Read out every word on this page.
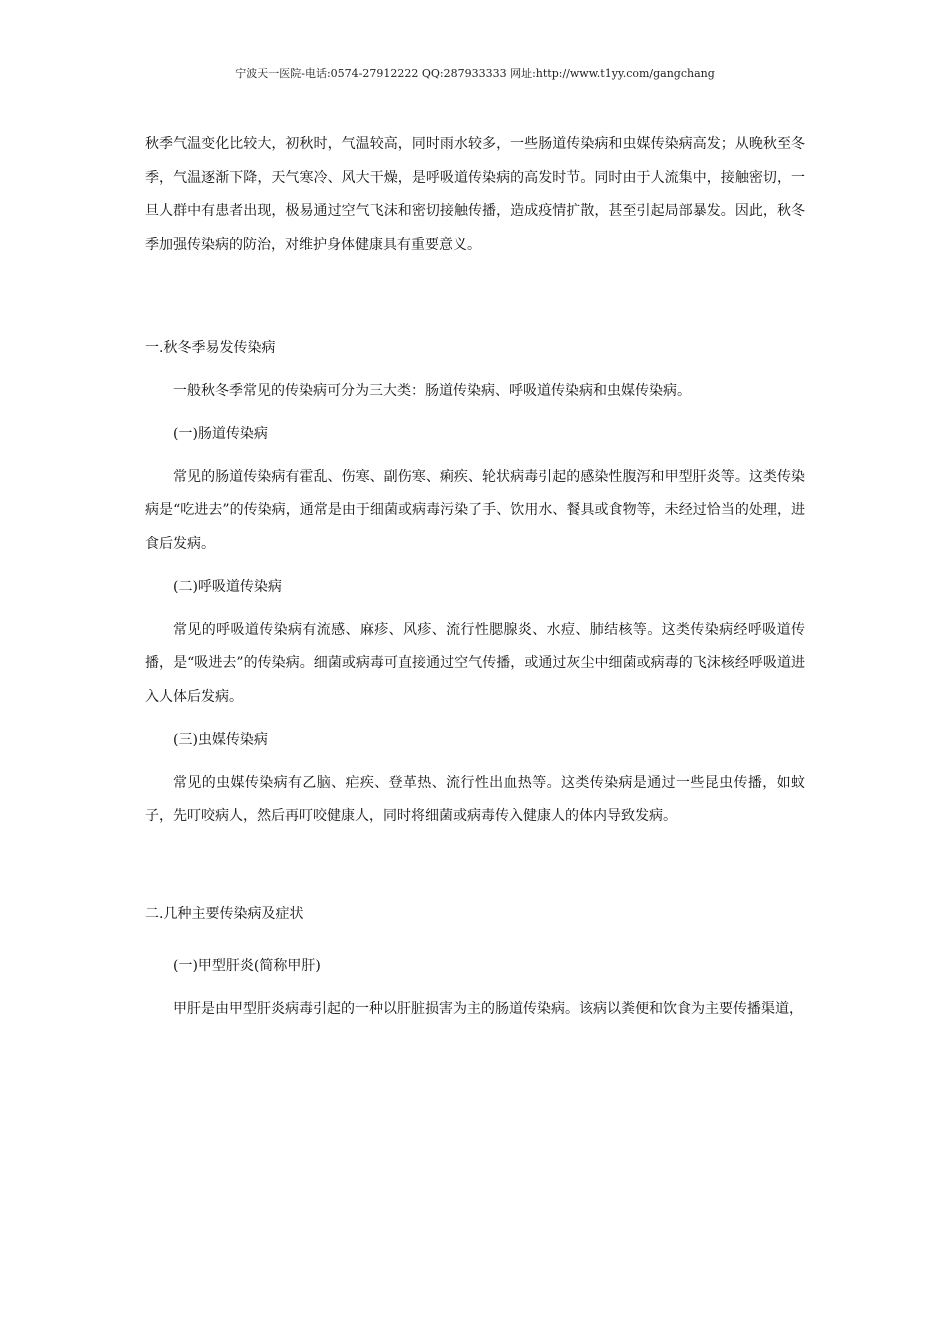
宁波天一医院-电话:0574-27912222 QQ:287933333 网址:http://www.t1yy.com/gangchang

秋季气温变化比较大，初秋时，气温较高，同时雨水较多，一些肠道传染病和虫媒传染病高发；从晚秋至冬季，气温逐渐下降，天气寒冷、风大干燥，是呼吸道传染病的高发时节。同时由于人流集中，接触密切，一旦人群中有患者出现，极易通过空气飞沫和密切接触传播，造成疫情扩散，甚至引起局部暴发。因此，秋冬季加强传染病的防治，对维护身体健康具有重要意义。

一.秋冬季易发传染病

一般秋冬季常见的传染病可分为三大类：肠道传染病、呼吸道传染病和虫媒传染病。

(一)肠道传染病

常见的肠道传染病有霍乱、伤寒、副伤寒、痢疾、轮状病毒引起的感染性腹泻和甲型肝炎等。这类传染病是“吃进去”的传染病，通常是由于细菌或病毒污染了手、饮用水、餐具或食物等，未经过恰当的处理，进食后发病。

(二)呼吸道传染病

常见的呼吸道传染病有流感、麻疹、风疹、流行性腮腺炎、水痘、肺结核等。这类传染病经呼吸道传播，是“吸进去”的传染病。细菌或病毒可直接通过空气传播，或通过灰尘中细菌或病毒的飞沫核经呼吸道进入人体后发病。

(三)虫媒传染病

常见的虫媒传染病有乙脑、疟疾、登革热、流行性出血热等。这类传染病是通过一些昆虫传播，如蚊子，先叮咬病人，然后再叮咬健康人，同时将细菌或病毒传入健康人的体内导致发病。

二.几种主要传染病及症状

(一)甲型肝炎(简称甲肝)

甲肝是由甲型肝炎病毒引起的一种以肝脏损害为主的肠道传染病。该病以粪便和饮食为主要传播渠道，
